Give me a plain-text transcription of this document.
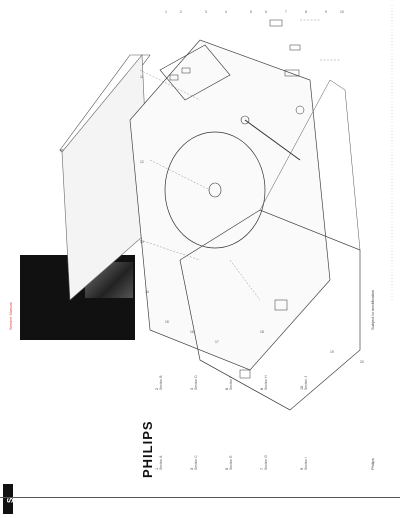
Service Manual
PHILIPS 1 Section A
2 Section B
3 Section C
4 Section D
5 Section E
6 Section F
7 Section G
8 Section H
9 Section I
10 Section J
Philips
Subject to modification
S
1	2	3	4	5	6	7	8	9	10
11
12
13
14
15
16
17
18
19
20
